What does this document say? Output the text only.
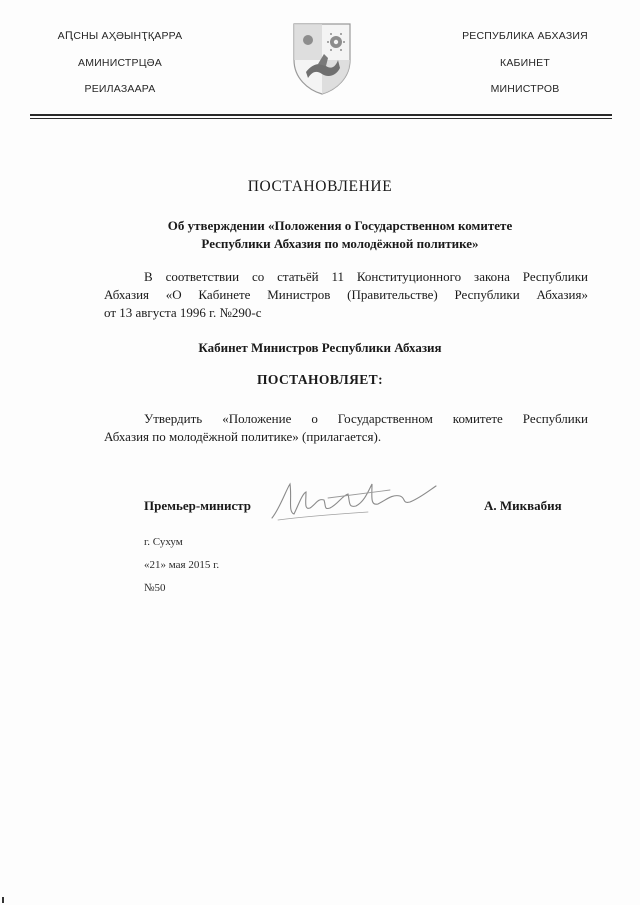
АԤСНЫ АҲӘЫНҬҚАРРА
АМИНИСТРЦӘА
РЕИЛАЗААРА
РЕСПУБЛИКА АБХАЗИЯ
КАБИНЕТ
МИНИСТРОВ
ПОСТАНОВЛЕНИЕ
Об утверждении «Положения о Государственном комитете
Республики Абхазия по молодёжной политике»
В соответствии со статьёй 11 Конституционного закона Республики
Абхазия «О Кабинете Министров (Правительстве) Республики Абхазия»
от 13 августа 1996 г. №290-с
Кабинет Министров Республики Абхазия
ПОСТАНОВЛЯЕТ:
Утвердить «Положение о Государственном комитете Республики
Абхазия по молодёжной политике» (прилагается).
Премьер-министр	А. Миквабия
г. Сухум
«21» мая 2015 г.
№50
